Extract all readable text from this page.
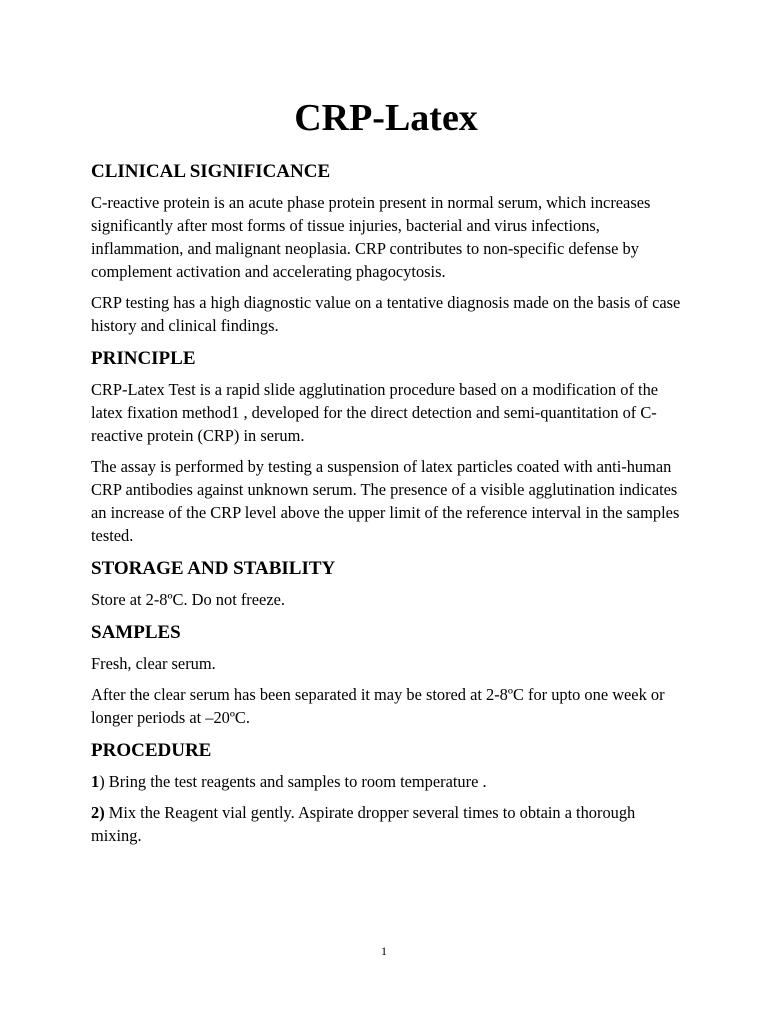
CRP-Latex
CLINICAL SIGNIFICANCE

C-reactive protein is an acute phase protein present in normal serum, which increases significantly after most forms of tissue injuries, bacterial and virus infections, inflammation, and malignant neoplasia. CRP contributes to non-specific defense by complement activation and accelerating phagocytosis.

CRP testing has a high diagnostic value on a tentative diagnosis made on the basis of case history and clinical findings.

PRINCIPLE

CRP-Latex Test is a rapid slide agglutination procedure based on a modification of the latex fixation method1 , developed for the direct detection and semi-quantitation of C-reactive protein (CRP) in serum.

The assay is performed by testing a suspension of latex particles coated with anti-human CRP antibodies against unknown serum. The presence of a visible agglutination indicates an increase of the CRP level above the upper limit of the reference interval in the samples tested.

STORAGE AND STABILITY

Store at 2-8ºC. Do not freeze.

SAMPLES

Fresh, clear serum.

After the clear serum has been separated it may be stored at 2-8ºC for upto one week or longer periods at –20ºC.

PROCEDURE

1) Bring the test reagents and samples to room temperature .

2) Mix the Reagent vial gently. Aspirate dropper several times to obtain a thorough mixing.

1
